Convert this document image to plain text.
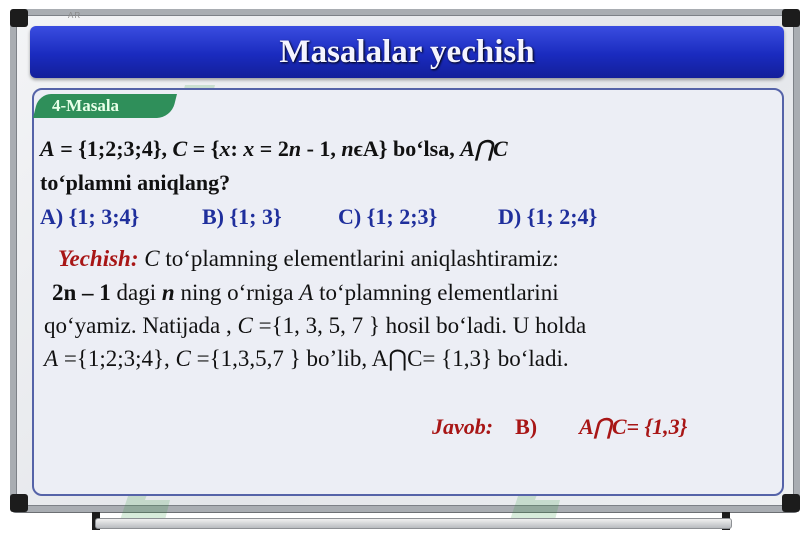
AR
Masalalar yechish
4-Masala
A = {1;2;3;4}, C = {x: x = 2n - 1, nϵA} bo‘lsa, A⋂C
to‘plamni aniqlang?
A) {1; 3;4}	B) {1; 3}	C) {1; 2;3}	D) {1; 2;4}
Yechish: C to‘plamning elementlarini aniqlashtiramiz:
2n – 1 dagi n ning o‘rniga A to‘plamning elementlarini
qo‘yamiz. Natijada , C ={1, 3, 5, 7 } hosil bo‘ladi. U holda
A ={1;2;3;4}, C ={1,3,5,7 } bo’lib, A⋂C= {1,3} bo‘ladi.
Javob: B) A⋂C= {1,3}
